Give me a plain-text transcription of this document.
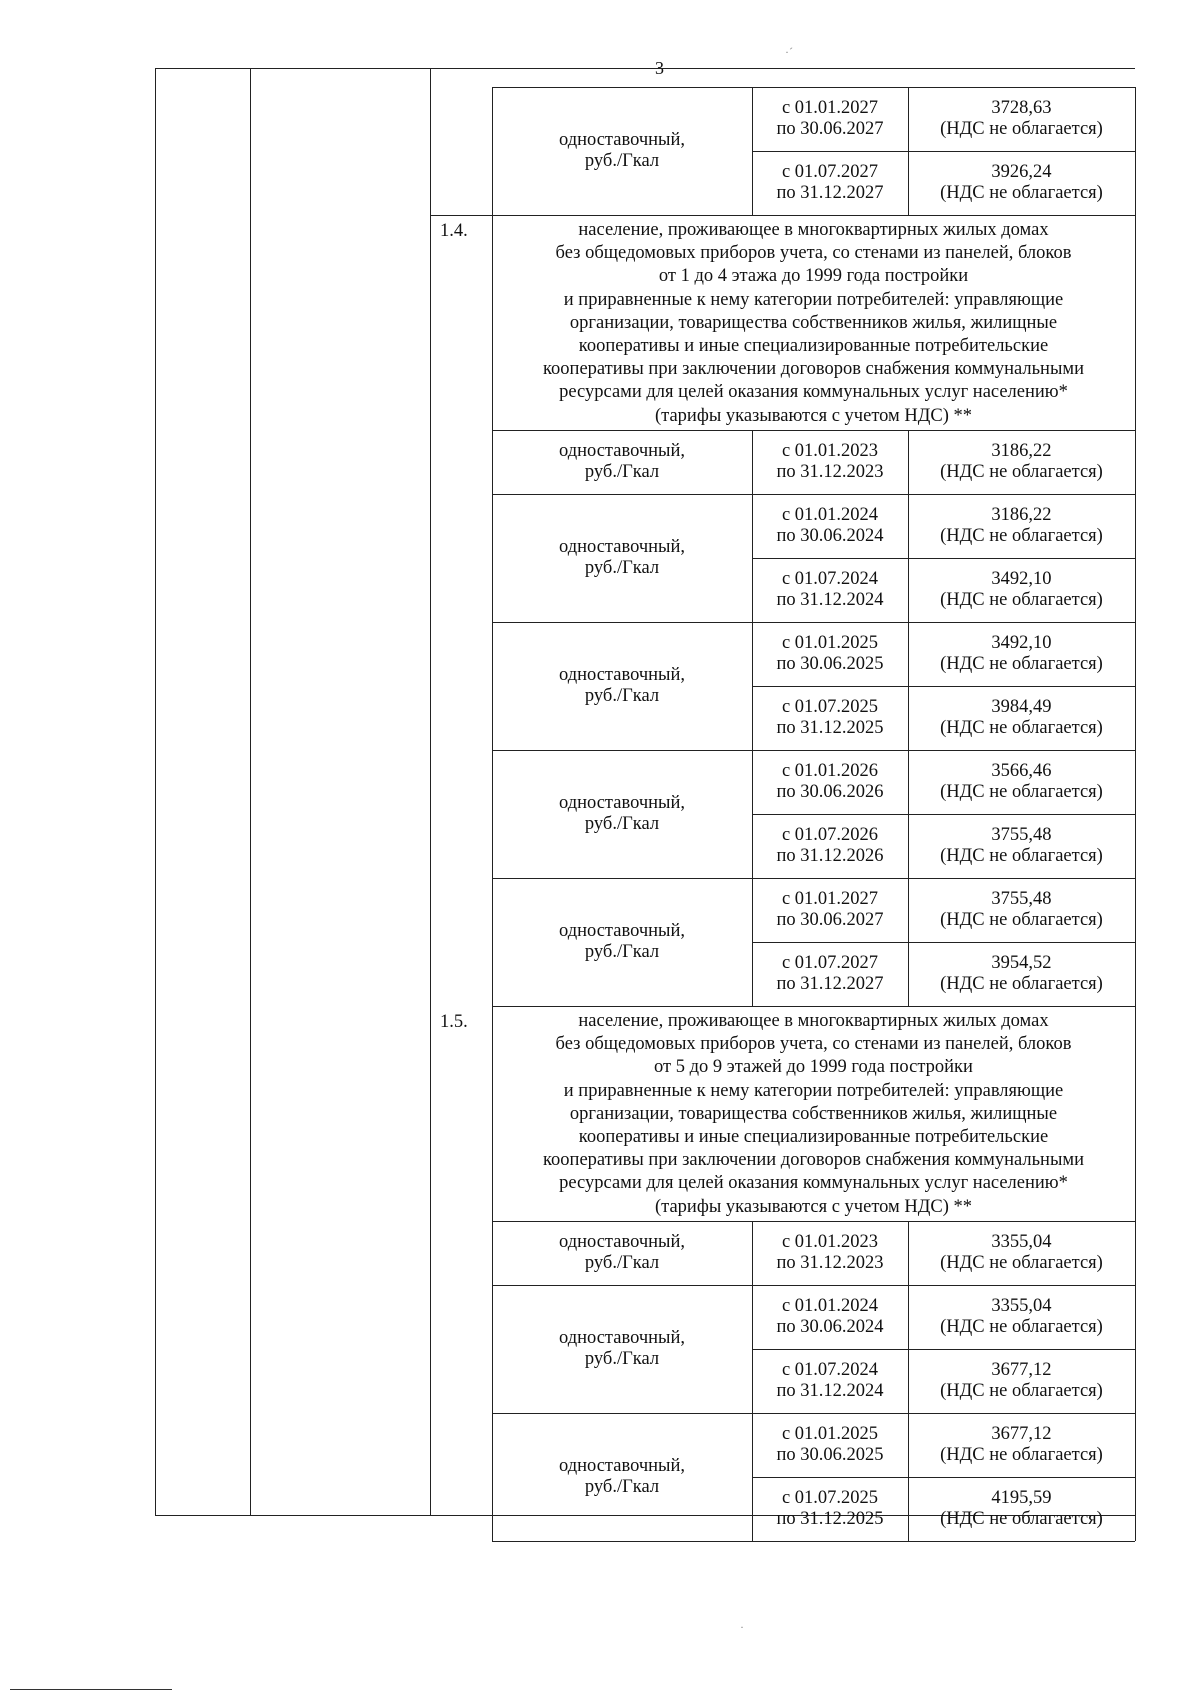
3
одноставочный,
руб./Гкал
с 01.01.2027
по 30.06.2027
3728,63
(НДС не облагается)
с 01.07.2027
по 31.12.2027
3926,24
(НДС не облагается)
1.4.	население, проживающее в многоквартирных жилых домах
без общедомовых приборов учета, со стенами из панелей, блоков
от 1 до 4 этажа до 1999 года постройки
и приравненные к нему категории потребителей: управляющие
организации, товарищества собственников жилья, жилищные
кооперативы и иные специализированные потребительские
кооперативы при заключении договоров снабжения коммунальными
ресурсами для целей оказания коммунальных услуг населению*
(тарифы указываются с учетом НДС) **
одноставочный,
руб./Гкал
с 01.01.2023
по 31.12.2023
3186,22
(НДС не облагается)
одноставочный,
руб./Гкал
с 01.01.2024
по 30.06.2024
3186,22
(НДС не облагается)
с 01.07.2024
по 31.12.2024
3492,10
(НДС не облагается)
одноставочный,
руб./Гкал
с 01.01.2025
по 30.06.2025
3492,10
(НДС не облагается)
с 01.07.2025
по 31.12.2025
3984,49
(НДС не облагается)
одноставочный,
руб./Гкал
с 01.01.2026
по 30.06.2026
3566,46
(НДС не облагается)
с 01.07.2026
по 31.12.2026
3755,48
(НДС не облагается)
одноставочный,
руб./Гкал
с 01.01.2027
по 30.06.2027
3755,48
(НДС не облагается)
с 01.07.2027
по 31.12.2027
3954,52
(НДС не облагается)
1.5.	население, проживающее в многоквартирных жилых домах
без общедомовых приборов учета, со стенами из панелей, блоков
от 5 до 9 этажей до 1999 года постройки
и приравненные к нему категории потребителей: управляющие
организации, товарищества собственников жилья, жилищные
кооперативы и иные специализированные потребительские
кооперативы при заключении договоров снабжения коммунальными
ресурсами для целей оказания коммунальных услуг населению*
(тарифы указываются с учетом НДС) **
одноставочный,
руб./Гкал
с 01.01.2023
по 31.12.2023
3355,04
(НДС не облагается)
одноставочный,
руб./Гкал
с 01.01.2024
по 30.06.2024
3355,04
(НДС не облагается)
с 01.07.2024
по 31.12.2024
3677,12
(НДС не облагается)
одноставочный,
руб./Гкал
с 01.01.2025
по 30.06.2025
3677,12
(НДС не облагается)
с 01.07.2025
по 31.12.2025
4195,59
(НДС не облагается)
·´
·
